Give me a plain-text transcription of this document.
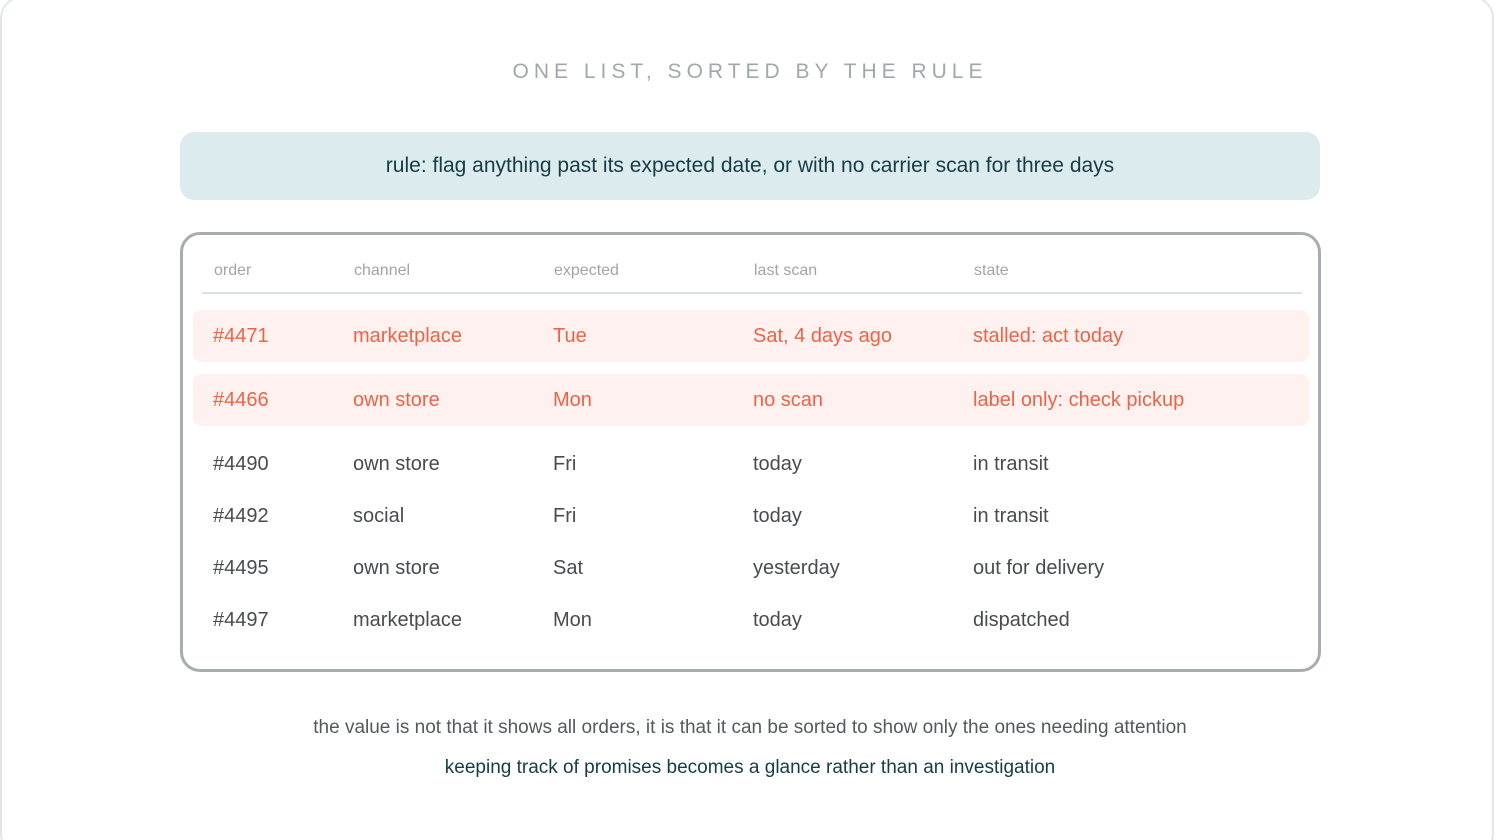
ONE LIST, SORTED BY THE RULE
rule: flag anything past its expected date, or with no carrier scan for three days
order	channel	expected	last scan	state
#4471	marketplace	Tue	Sat, 4 days ago	stalled: act today
#4466	own store	Mon	no scan	label only: check pickup
#4490	own store	Fri	today	in transit
#4492	social	Fri	today	in transit
#4495	own store	Sat	yesterday	out for delivery
#4497	marketplace	Mon	today	dispatched
the value is not that it shows all orders, it is that it can be sorted to show only the ones needing attention
keeping track of promises becomes a glance rather than an investigation
